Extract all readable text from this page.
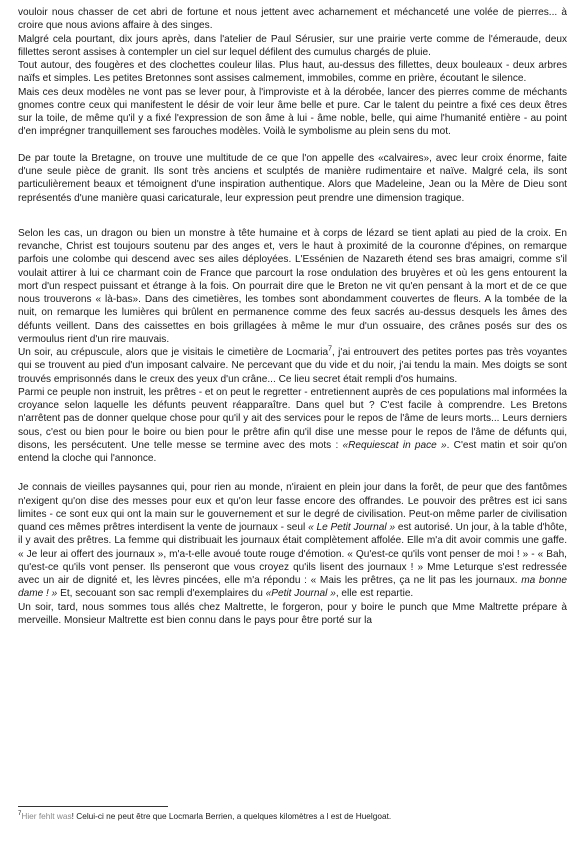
vouloir nous chasser de cet abri de fortune et nous jettent avec acharnement et méchanceté une volée de pierres... à croire que nous avions affaire à des singes.

Malgré cela pourtant, dix jours après, dans l'atelier de Paul Sérusier, sur une prairie verte comme de l'émeraude, deux fillettes seront assises à contempler un ciel sur lequel défilent des cumulus chargés de pluie.

Tout autour, des fougères et des clochettes couleur lilas. Plus haut, au-dessus des fillettes, deux bouleaux - deux arbres naïfs et simples. Les petites Bretonnes sont assises calmement, immobiles, comme en prière, écoutant le silence.

Mais ces deux modèles ne vont pas se lever pour, à l'improviste et à la dérobée, lancer des pierres comme de méchants gnomes contre ceux qui manifestent le désir de voir leur âme belle et pure. Car le talent du peintre a fixé ces deux êtres sur la toile, de même qu'il y a fixé l'expression de son âme à lui - âme noble, belle, qui aime l'humanité entière - au point d'en imprégner tranquillement ses farouches modèles. Voilà le symbolisme au plein sens du mot.

De par toute la Bretagne, on trouve une multitude de ce que l'on appelle des «calvaires», avec leur croix énorme, faite d'une seule pièce de granit. Ils sont très anciens et sculptés de manière rudimentaire et naïve. Malgré cela, ils sont particulièrement beaux et témoignent d'une inspiration authentique. Alors que Madeleine, Jean ou la Mère de Dieu sont représentés d'une manière quasi caricaturale, leur expression peut prendre une dimension tragique.

Selon les cas, un dragon ou bien un monstre à tête humaine et à corps de lézard se tient aplati au pied de la croix. En revanche, Christ est toujours soutenu par des anges et, vers le haut à proximité de la couronne d'épines, on remarque parfois une colombe qui descend avec ses ailes déployées. L'Essénien de Nazareth étend ses bras amaigri, comme s'il voulait attirer à lui ce charmant coin de France que parcourt la rose ondulation des bruyères et où les gens entourent la mort d'un respect puissant et étrange à la fois. On pourrait dire que le Breton ne vit qu'en pensant à la mort et de ce que nous trouverons « là-bas». Dans des cimetières, les tombes sont abondamment couvertes de fleurs. A la tombée de la nuit, on remarque les lumières qui brûlent en permanence comme des feux sacrés au-dessus desquels les âmes des défunts veillent. Dans des caissettes en bois grillagées à même le mur d'un ossuaire, des crânes posés sur des os vermoulus rient d'un rire mauvais.

Un soir, au crépuscule, alors que je visitais le cimetière de Locmaria$^7$, j'ai entrouvert des petites portes pas très voyantes qui se trouvent au pied d'un imposant calvaire. Ne percevant que du vide et du noir, j'ai tendu la main. Mes doigts se sont trouvés emprisonnés dans le creux des yeux d'un crâne... Ce lieu secret était rempli d'os humains.

Parmi ce peuple non instruit, les prêtres - et on peut le regretter - entretiennent auprès de ces populations mal informées la croyance selon laquelle les défunts peuvent réapparaître. Dans quel but ? C'est facile à comprendre. Les Bretons n'arrêtent pas de donner quelque chose pour qu'il y ait des services pour le repos de l'âme de leurs morts... Leurs derniers sous, c'est ou bien pour le boire ou bien pour le prêtre afin qu'il dise une messe pour le repos de l'âme de défunts qui, disons, les persécutent. Une telle messe se termine avec des mots : «Requiescat in pace ». C'est matin et soir qu'on entend la cloche qui l'annonce.

Je connais de vieilles paysannes qui, pour rien au monde, n'iraient en plein jour dans la forêt, de peur que des fantômes n'exigent qu'on dise des messes pour eux et qu'on leur fasse encore des offrandes. Le pouvoir des prêtres est ici sans limites - ce sont eux qui ont la main sur le gouvernement et sur le degré de civilisation. Peut-on même parler de civilisation quand ces mêmes prêtres interdisent la vente de journaux - seul « Le Petit Journal » est autorisé. Un jour, à la table d'hôte, il y avait des prêtres. La femme qui distribuait les journaux était complètement affolée. Elle m'a dit avoir commis une gaffe. « Je leur ai offert des journaux », m'a-t-elle avoué toute rouge d'émotion. « Qu'est-ce qu'ils vont penser de moi ! » - « Bah, qu'est-ce qu'ils vont penser. Ils penseront que vous croyez qu'ils lisent des journaux ! » Mme Leturque s'est redressée avec un air de dignité et, les lèvres pincées, elle m'a répondu : « Mais les prêtres, ça ne lit pas les journaux. ma bonne dame ! » Et, secouant son sac rempli d'exemplaires du «Petit Journal », elle est repartie.

Un soir, tard, nous sommes tous allés chez Maltrette, le forgeron, pour y boire le punch que Mme Maltrette prépare à merveille. Monsieur Maltrette est bien connu dans le pays pour être porté sur la

$^7$Hier fehlt was! Celui-ci ne peut être que Locmarla Berrien, a quelques kilomètres a l est de Huelgoat.
